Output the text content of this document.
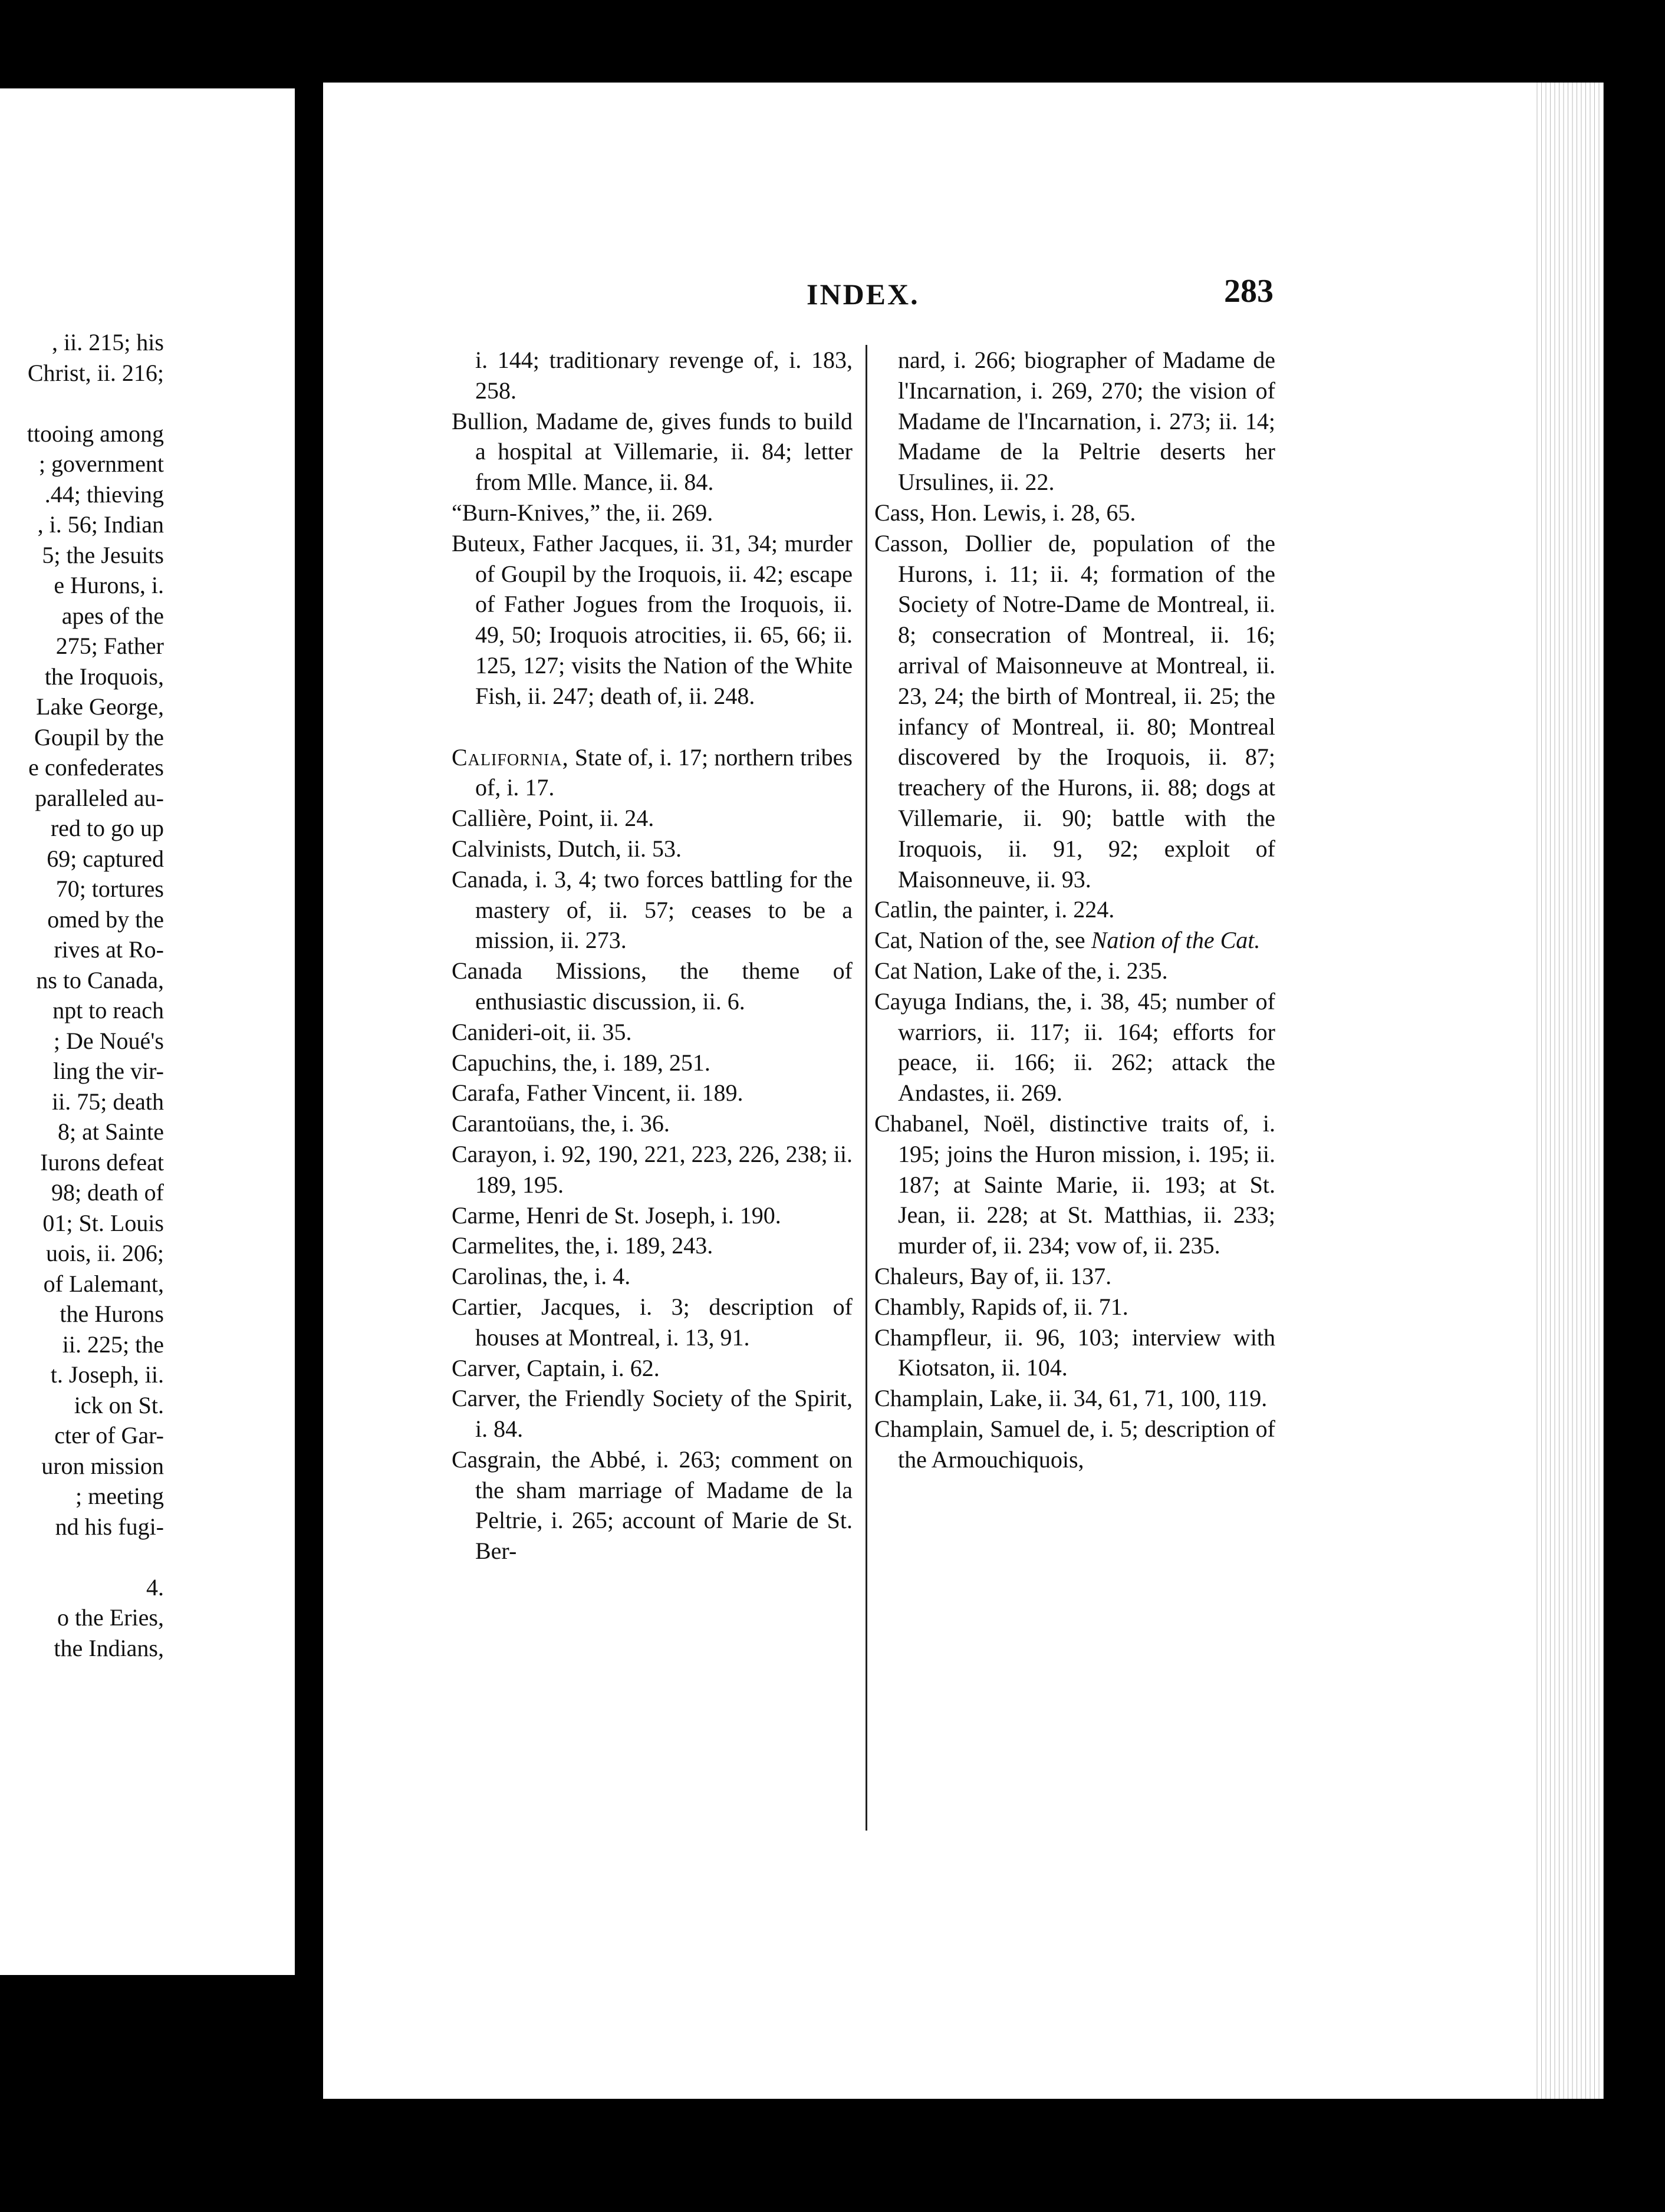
, ii. 215; his

Christ, ii. 216;

ttooing among

; government

.44; thieving

, i. 56; Indian

5; the Jesuits

e Hurons, i.

apes of the

275; Father

the Iroquois,

Lake George,

Goupil by the

e confederates

paralleled au-

red to go up

69; captured

70; tortures

omed by the

rives at Ro-

ns to Canada,

npt to reach

; De Noué's

ling the vir-

ii. 75; death

8; at Sainte

Iurons defeat

98; death of

01; St. Louis

uois, ii. 206;

of Lalemant,

the Hurons

ii. 225; the

t. Joseph, ii.

ick on St.

cter of Gar-

uron mission

; meeting

nd his fugi-

4.

o the Eries,

the Indians,

INDEX.	283

i. 144; traditionary revenge of, i. 183, 258.

Bullion, Madame de, gives funds to build a hospital at Villemarie, ii. 84; letter from Mlle. Mance, ii. 84.

“Burn-Knives,” the, ii. 269.

Buteux, Father Jacques, ii. 31, 34; murder of Goupil by the Iroquois, ii. 42; escape of Father Jogues from the Iroquois, ii. 49, 50; Iroquois atrocities, ii. 65, 66; ii. 125, 127; visits the Nation of the White Fish, ii. 247; death of, ii. 248.

California, State of, i. 17; northern tribes of, i. 17.

Callière, Point, ii. 24.

Calvinists, Dutch, ii. 53.

Canada, i. 3, 4; two forces battling for the mastery of, ii. 57; ceases to be a mission, ii. 273.

Canada Missions, the theme of enthusiastic discussion, ii. 6.

Canideri-oit, ii. 35.

Capuchins, the, i. 189, 251.

Carafa, Father Vincent, ii. 189.

Carantoüans, the, i. 36.

Carayon, i. 92, 190, 221, 223, 226, 238; ii. 189, 195.

Carme, Henri de St. Joseph, i. 190.

Carmelites, the, i. 189, 243.

Carolinas, the, i. 4.

Cartier, Jacques, i. 3; description of houses at Montreal, i. 13, 91.

Carver, Captain, i. 62.

Carver, the Friendly Society of the Spirit, i. 84.

Casgrain, the Abbé, i. 263; comment on the sham marriage of Madame de la Peltrie, i. 265; account of Marie de St. Ber-

nard, i. 266; biographer of Madame de l'Incarnation, i. 269, 270; the vision of Madame de l'Incarnation, i. 273; ii. 14; Madame de la Peltrie deserts her Ursulines, ii. 22.

Cass, Hon. Lewis, i. 28, 65.

Casson, Dollier de, population of the Hurons, i. 11; ii. 4; formation of the Society of Notre-Dame de Montreal, ii. 8; consecration of Montreal, ii. 16; arrival of Maisonneuve at Montreal, ii. 23, 24; the birth of Montreal, ii. 25; the infancy of Montreal, ii. 80; Montreal discovered by the Iroquois, ii. 87; treachery of the Hurons, ii. 88; dogs at Villemarie, ii. 90; battle with the Iroquois, ii. 91, 92; exploit of Maisonneuve, ii. 93.

Catlin, the painter, i. 224.

Cat, Nation of the, see Nation of the Cat.

Cat Nation, Lake of the, i. 235.

Cayuga Indians, the, i. 38, 45; number of warriors, ii. 117; ii. 164; efforts for peace, ii. 166; ii. 262; attack the Andastes, ii. 269.

Chabanel, Noël, distinctive traits of, i. 195; joins the Huron mission, i. 195; ii. 187; at Sainte Marie, ii. 193; at St. Jean, ii. 228; at St. Matthias, ii. 233; murder of, ii. 234; vow of, ii. 235.

Chaleurs, Bay of, ii. 137.

Chambly, Rapids of, ii. 71.

Champfleur, ii. 96, 103; interview with Kiotsaton, ii. 104.

Champlain, Lake, ii. 34, 61, 71, 100, 119.

Champlain, Samuel de, i. 5; description of the Armouchiquois,
